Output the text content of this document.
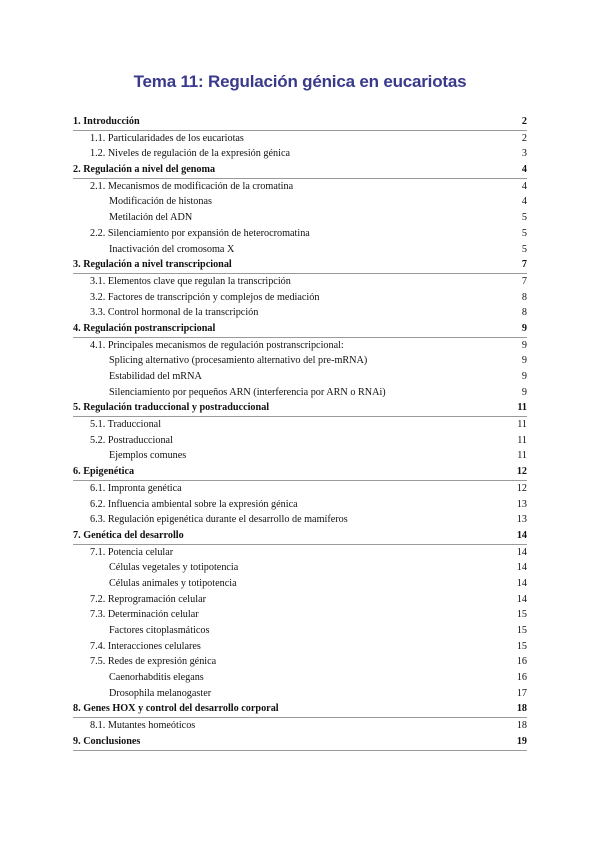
Tema 11: Regulación génica en eucariotas
1. Introducción	2
1.1. Particularidades de los eucariotas	2
1.2. Niveles de regulación de la expresión génica	3
2. Regulación a nivel del genoma	4
2.1. Mecanismos de modificación de la cromatina	4
Modificación de histonas	4
Metilación del ADN	5
2.2. Silenciamiento por expansión de heterocromatina	5
Inactivación del cromosoma X	5
3. Regulación a nivel transcripcional	7
3.1. Elementos clave que regulan la transcripción	7
3.2. Factores de transcripción y complejos de mediación	8
3.3. Control hormonal de la transcripción	8
4. Regulación postranscripcional	9
4.1. Principales mecanismos de regulación postranscripcional:	9
Splicing alternativo (procesamiento alternativo del pre-mRNA)	9
Estabilidad del mRNA	9
Silenciamiento por pequeños ARN (interferencia por ARN o RNAi)	9
5. Regulación traduccional y postraduccional	11
5.1. Traduccional	11
5.2. Postraduccional	11
Ejemplos comunes	11
6. Epigenética	12
6.1. Impronta genética	12
6.2. Influencia ambiental sobre la expresión génica	13
6.3. Regulación epigenética durante el desarrollo de mamíferos	13
7. Genética del desarrollo	14
7.1. Potencia celular	14
Células vegetales y totipotencia	14
Células animales y totipotencia	14
7.2. Reprogramación celular	14
7.3. Determinación celular	15
Factores citoplasmáticos	15
7.4. Interacciones celulares	15
7.5. Redes de expresión génica	16
Caenorhabditis elegans	16
Drosophila melanogaster	17
8. Genes HOX y control del desarrollo corporal	18
8.1. Mutantes homeóticos	18
9. Conclusiones	19
